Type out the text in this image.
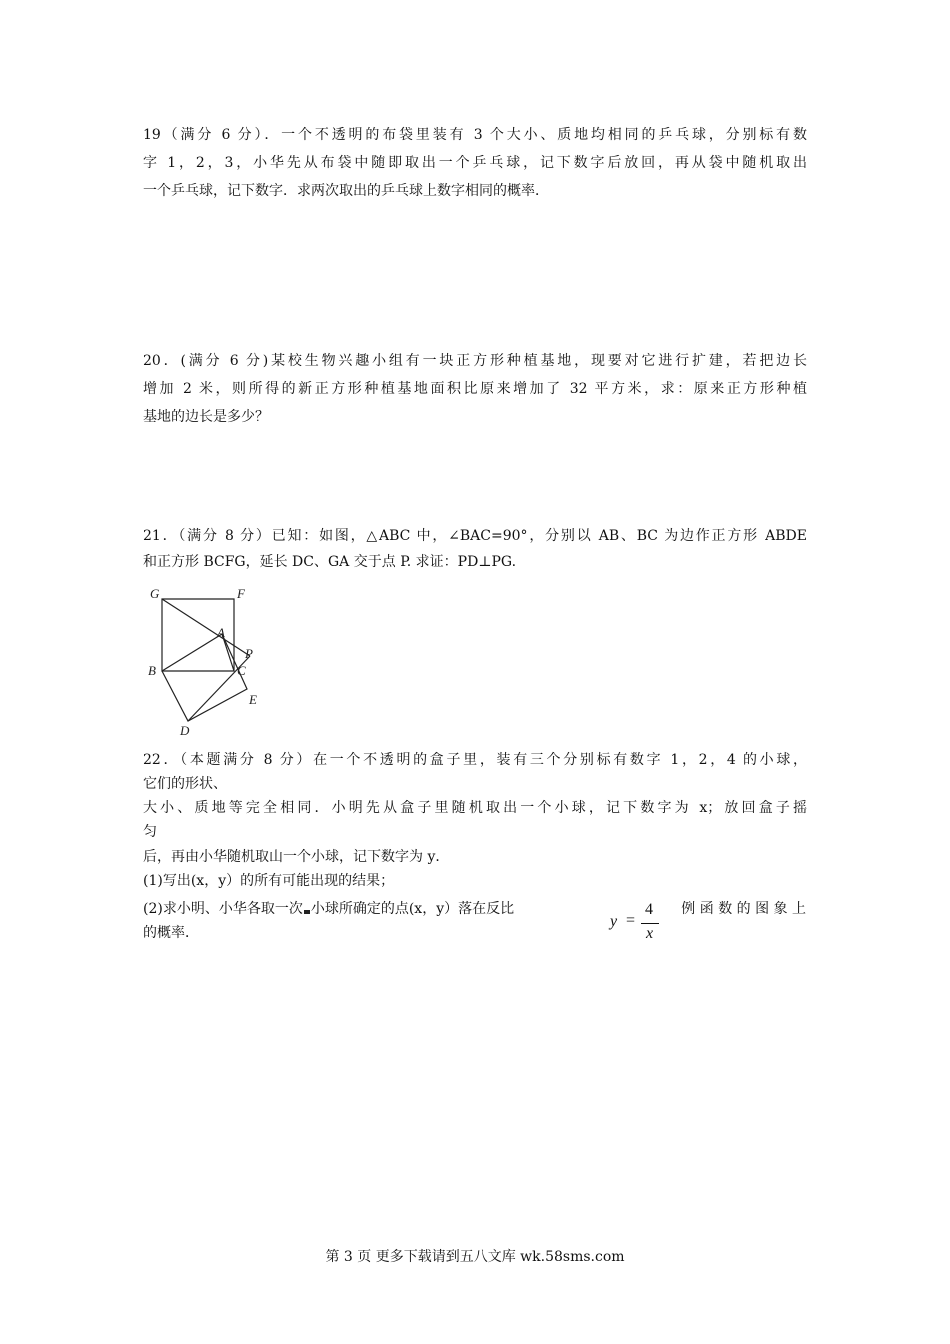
19（满分 6 分）．一个不透明的布袋里装有 3 个大小、质地均相同的乒乓球，分别标有数
字 1，2，3，小华先从布袋中随即取出一个乒乓球，记下数字后放回，再从袋中随机取出
一个乒乓球，记下数字．求两次取出的乒乓球上数字相同的概率．
20．(满分 6 分)某校生物兴趣小组有一块正方形种植基地，现要对它进行扩建，若把边长
增加 2 米，则所得的新正方形种植基地面积比原来增加了 32 平方米，求：原来正方形种植
基地的边长是多少？
21．（满分 8 分）已知：如图，△ABC 中，∠BAC=90°，分别以 AB、BC 为边作正方形 ABDE
和正方形 BCFG，延长 DC、GA 交于点 P. 求证：PD⊥PG.
G	F
A
P
B	C
E
D
22．（本题满分 8 分）在一个不透明的盒子里，装有三个分别标有数字 1，2，4 的小球，
它们的形状、
大小、质地等完全相同．小明先从盒子里随机取出一个小球，记下数字为 x；放回盒子摇
匀
后，再由小华随机取山一个小球，记下数字为 y．
(1)写出(x，y）的所有可能出现的结果；
(2)求小明、小华各取一次 小球所确定的点(x，y）落在反比	例 函 数 的 图 象 上
的概率．
y =
4
x
第 3 页 更多下载请到五八文库 wk.58sms.com
